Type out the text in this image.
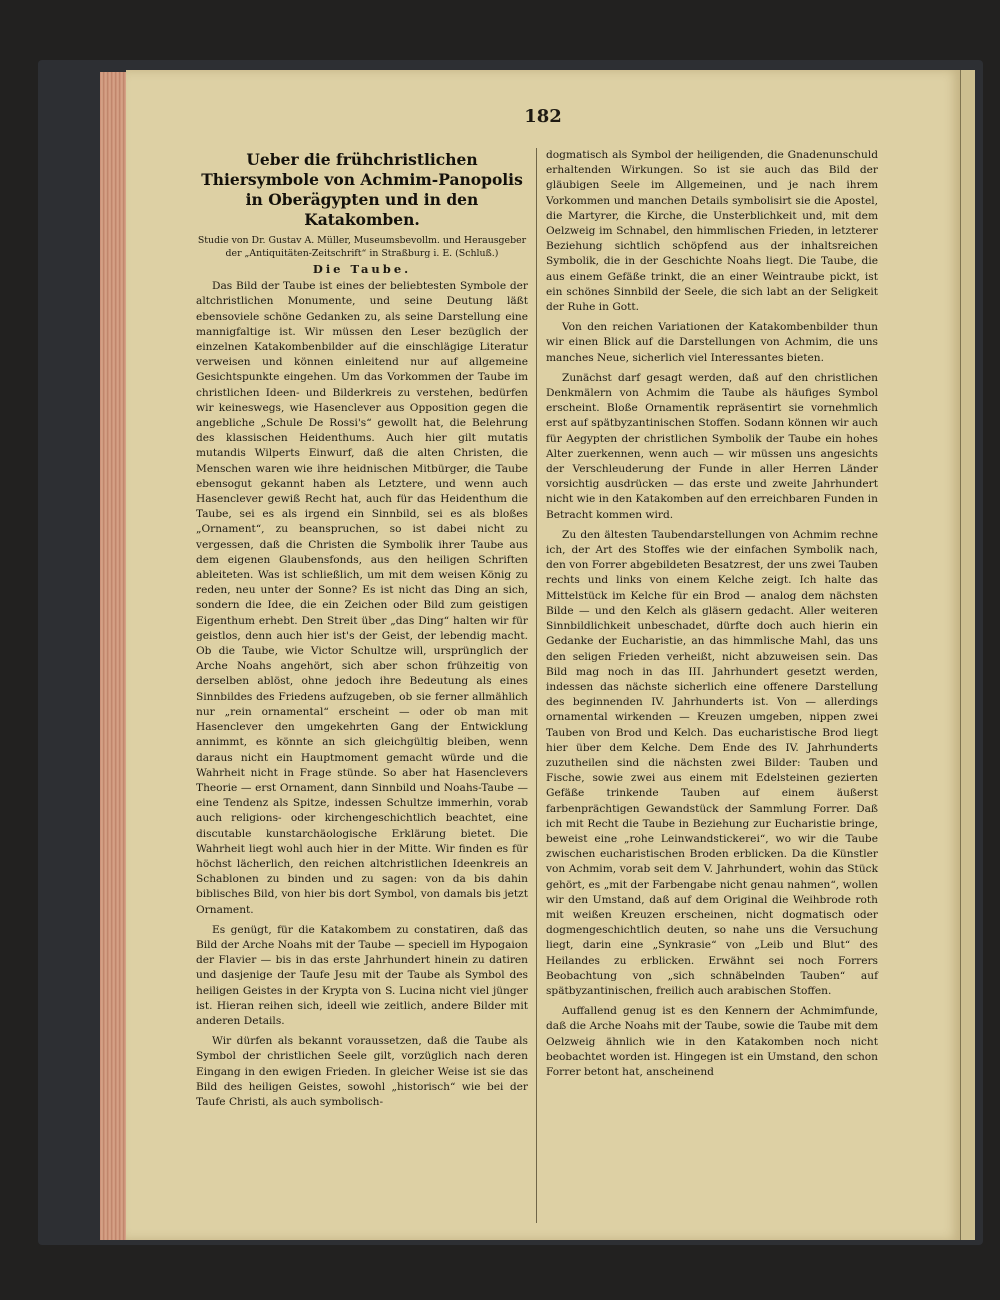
182
Ueber die frühchristlichen Thiersymbole von Achmim-Panopolis in Oberägypten und in den Katakomben.
Studie von Dr. Gustav A. Müller, Museumsbevollm. und Herausgeber der „Antiquitäten-Zeitschrift“ in Straßburg i. E. (Schluß.)
Die Taube.

Das Bild der Taube ist eines der beliebtesten Symbole der altchristlichen Monumente, und seine Deutung läßt ebensoviele schöne Gedanken zu, als seine Darstellung eine mannigfaltige ist. Wir müssen den Leser bezüglich der einzelnen Katakombenbilder auf die einschlägige Literatur verweisen und können einleitend nur auf allgemeine Gesichtspunkte eingehen. Um das Vorkommen der Taube im christlichen Ideen- und Bilderkreis zu verstehen, bedürfen wir keineswegs, wie Hasenclever aus Opposition gegen die angebliche „Schule De Rossi's“ gewollt hat, die Belehrung des klassischen Heidenthums. Auch hier gilt mutatis mutandis Wilperts Einwurf, daß die alten Christen, die Menschen waren wie ihre heidnischen Mitbürger, die Taube ebensogut gekannt haben als Letztere, und wenn auch Hasenclever gewiß Recht hat, auch für das Heidenthum die Taube, sei es als irgend ein Sinnbild, sei es als bloßes „Ornament“, zu beanspruchen, so ist dabei nicht zu vergessen, daß die Christen die Symbolik ihrer Taube aus dem eigenen Glaubensfonds, aus den heiligen Schriften ableiteten. Was ist schließlich, um mit dem weisen König zu reden, neu unter der Sonne? Es ist nicht das Ding an sich, sondern die Idee, die ein Zeichen oder Bild zum geistigen Eigenthum erhebt. Den Streit über „das Ding“ halten wir für geistlos, denn auch hier ist's der Geist, der lebendig macht. Ob die Taube, wie Victor Schultze will, ursprünglich der Arche Noahs angehört, sich aber schon frühzeitig von derselben ablöst, ohne jedoch ihre Bedeutung als eines Sinnbildes des Friedens aufzugeben, ob sie ferner allmählich nur „rein ornamental“ erscheint — oder ob man mit Hasenclever den umgekehrten Gang der Entwicklung annimmt, es könnte an sich gleichgültig bleiben, wenn daraus nicht ein Hauptmoment gemacht würde und die Wahrheit nicht in Frage stünde. So aber hat Hasenclevers Theorie — erst Ornament, dann Sinnbild und Noahs-Taube — eine Tendenz als Spitze, indessen Schultze immerhin, vorab auch religions- oder kirchengeschichtlich beachtet, eine discutable kunstarchäologische Erklärung bietet. Die Wahrheit liegt wohl auch hier in der Mitte. Wir finden es für höchst lächerlich, den reichen altchristlichen Ideenkreis an Schablonen zu binden und zu sagen: von da bis dahin biblisches Bild, von hier bis dort Symbol, von damals bis jetzt Ornament.

Es genügt, für die Katakombem zu constatiren, daß das Bild der Arche Noahs mit der Taube — speciell im Hypogaion der Flavier — bis in das erste Jahrhundert hinein zu datiren und dasjenige der Taufe Jesu mit der Taube als Symbol des heiligen Geistes in der Krypta von S. Lucina nicht viel jünger ist. Hieran reihen sich, ideell wie zeitlich, andere Bilder mit anderen Details.

Wir dürfen als bekannt voraussetzen, daß die Taube als Symbol der christlichen Seele gilt, vorzüglich nach deren Eingang in den ewigen Frieden. In gleicher Weise ist sie das Bild des heiligen Geistes, sowohl „historisch“ wie bei der Taufe Christi, als auch symbolisch-

dogmatisch als Symbol der heiligenden, die Gnadenunschuld erhaltenden Wirkungen. So ist sie auch das Bild der gläubigen Seele im Allgemeinen, und je nach ihrem Vorkommen und manchen Details symbolisirt sie die Apostel, die Martyrer, die Kirche, die Unsterblichkeit und, mit dem Oelzweig im Schnabel, den himmlischen Frieden, in letzterer Beziehung sichtlich schöpfend aus der inhaltsreichen Symbolik, die in der Geschichte Noahs liegt. Die Taube, die aus einem Gefäße trinkt, die an einer Weintraube pickt, ist ein schönes Sinnbild der Seele, die sich labt an der Seligkeit der Ruhe in Gott.

Von den reichen Variationen der Katakombenbilder thun wir einen Blick auf die Darstellungen von Achmim, die uns manches Neue, sicherlich viel Interessantes bieten.

Zunächst darf gesagt werden, daß auf den christlichen Denkmälern von Achmim die Taube als häufiges Symbol erscheint. Bloße Ornamentik repräsentirt sie vornehmlich erst auf spätbyzantinischen Stoffen. Sodann können wir auch für Aegypten der christlichen Symbolik der Taube ein hohes Alter zuerkennen, wenn auch — wir müssen uns angesichts der Verschleuderung der Funde in aller Herren Länder vorsichtig ausdrücken — das erste und zweite Jahrhundert nicht wie in den Katakomben auf den erreichbaren Funden in Betracht kommen wird.

Zu den ältesten Taubendarstellungen von Achmim rechne ich, der Art des Stoffes wie der einfachen Symbolik nach, den von Forrer abgebildeten Besatzrest, der uns zwei Tauben rechts und links von einem Kelche zeigt. Ich halte das Mittelstück im Kelche für ein Brod — analog dem nächsten Bilde — und den Kelch als gläsern gedacht. Aller weiteren Sinnbildlichkeit unbeschadet, dürfte doch auch hierin ein Gedanke der Eucharistie, an das himmlische Mahl, das uns den seligen Frieden verheißt, nicht abzuweisen sein. Das Bild mag noch in das III. Jahrhundert gesetzt werden, indessen das nächste sicherlich eine offenere Darstellung des beginnenden IV. Jahrhunderts ist. Von — allerdings ornamental wirkenden — Kreuzen umgeben, nippen zwei Tauben von Brod und Kelch. Das eucharistische Brod liegt hier über dem Kelche. Dem Ende des IV. Jahrhunderts zuzutheilen sind die nächsten zwei Bilder: Tauben und Fische, sowie zwei aus einem mit Edelsteinen gezierten Gefäße trinkende Tauben auf einem äußerst farbenprächtigen Gewandstück der Sammlung Forrer. Daß ich mit Recht die Taube in Beziehung zur Eucharistie bringe, beweist eine „rohe Leinwandstickerei“, wo wir die Taube zwischen eucharistischen Broden erblicken. Da die Künstler von Achmim, vorab seit dem V. Jahrhundert, wohin das Stück gehört, es „mit der Farbengabe nicht genau nahmen“, wollen wir den Umstand, daß auf dem Original die Weihbrode roth mit weißen Kreuzen erscheinen, nicht dogmatisch oder dogmengeschichtlich deuten, so nahe uns die Versuchung liegt, darin eine „Synkrasie“ von „Leib und Blut“ des Heilandes zu erblicken. Erwähnt sei noch Forrers Beobachtung von „sich schnäbelnden Tauben“ auf spätbyzantinischen, freilich auch arabischen Stoffen.

Auffallend genug ist es den Kennern der Achmimfunde, daß die Arche Noahs mit der Taube, sowie die Taube mit dem Oelzweig ähnlich wie in den Katakomben noch nicht beobachtet worden ist. Hingegen ist ein Umstand, den schon Forrer betont hat, anscheinend
